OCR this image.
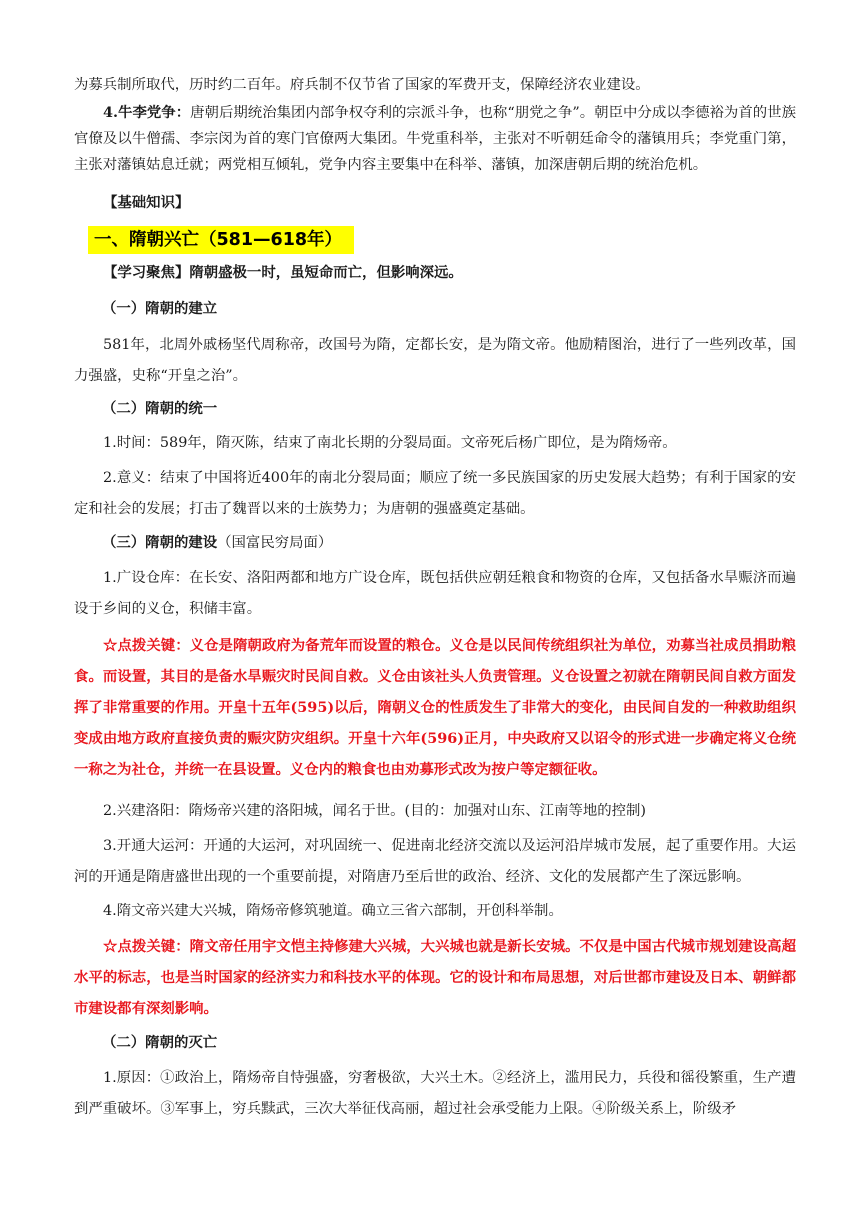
为募兵制所取代，历时约二百年。府兵制不仅节省了国家的军费开支，保障经济农业建设。

4.牛李党争：唐朝后期统治集团内部争权夺利的宗派斗争，也称“朋党之争”。朝臣中分成以李德裕为首的世族官僚及以牛僧孺、李宗闵为首的寒门官僚两大集团。牛党重科举，主张对不听朝廷命令的藩镇用兵；李党重门第，主张对藩镇姑息迁就；两党相互倾轧，党争内容主要集中在科举、藩镇，加深唐朝后期的统治危机。

【基础知识】

一、隋朝兴亡（581—618年）

【学习聚焦】隋朝盛极一时，虽短命而亡，但影响深远。

（一）隋朝的建立

581年，北周外戚杨坚代周称帝，改国号为隋，定都长安，是为隋文帝。他励精图治，进行了一些列改革，国力强盛，史称“开皇之治”。

（二）隋朝的统一

1.时间：589年，隋灭陈，结束了南北长期的分裂局面。文帝死后杨广即位，是为隋炀帝。

2.意义：结束了中国将近400年的南北分裂局面；顺应了统一多民族国家的历史发展大趋势；有利于国家的安定和社会的发展；打击了魏晋以来的士族势力；为唐朝的强盛奠定基础。

（三）隋朝的建设（国富民穷局面）

1.广设仓库：在长安、洛阳两都和地方广设仓库，既包括供应朝廷粮食和物资的仓库，又包括备水旱赈济而遍设于乡间的义仓，积储丰富。

☆点拨关键：义仓是隋朝政府为备荒年而设置的粮仓。义仓是以民间传统组织社为单位，劝募当社成员捐助粮食。而设置，其目的是备水旱赈灾时民间自救。义仓由该社头人负责管理。义仓设置之初就在隋朝民间自救方面发挥了非常重要的作用。开皇十五年(595)以后，隋朝义仓的性质发生了非常大的变化，由民间自发的一种救助组织变成由地方政府直接负责的赈灾防灾组织。开皇十六年(596)正月，中央政府又以诏令的形式进一步确定将义仓统一称之为社仓，并统一在县设置。义仓内的粮食也由劝募形式改为按户等定额征收。

2.兴建洛阳：隋炀帝兴建的洛阳城，闻名于世。(目的：加强对山东、江南等地的控制)

3.开通大运河：开通的大运河，对巩固统一、促进南北经济交流以及运河沿岸城市发展，起了重要作用。大运河的开通是隋唐盛世出现的一个重要前提，对隋唐乃至后世的政治、经济、文化的发展都产生了深远影响。

4.隋文帝兴建大兴城，隋炀帝修筑驰道。确立三省六部制，开创科举制。

☆点拨关键：隋文帝任用宇文恺主持修建大兴城，大兴城也就是新长安城。不仅是中国古代城市规划建设高超水平的标志，也是当时国家的经济实力和科技水平的体现。它的设计和布局思想，对后世都市建设及日本、朝鲜都市建设都有深刻影响。

（二）隋朝的灭亡

1.原因：①政治上，隋炀帝自恃强盛，穷奢极欲，大兴土木。②经济上，滥用民力，兵役和徭役繁重，生产遭到严重破坏。③军事上，穷兵黩武，三次大举征伐高丽，超过社会承受能力上限。④阶级关系上，阶级矛
